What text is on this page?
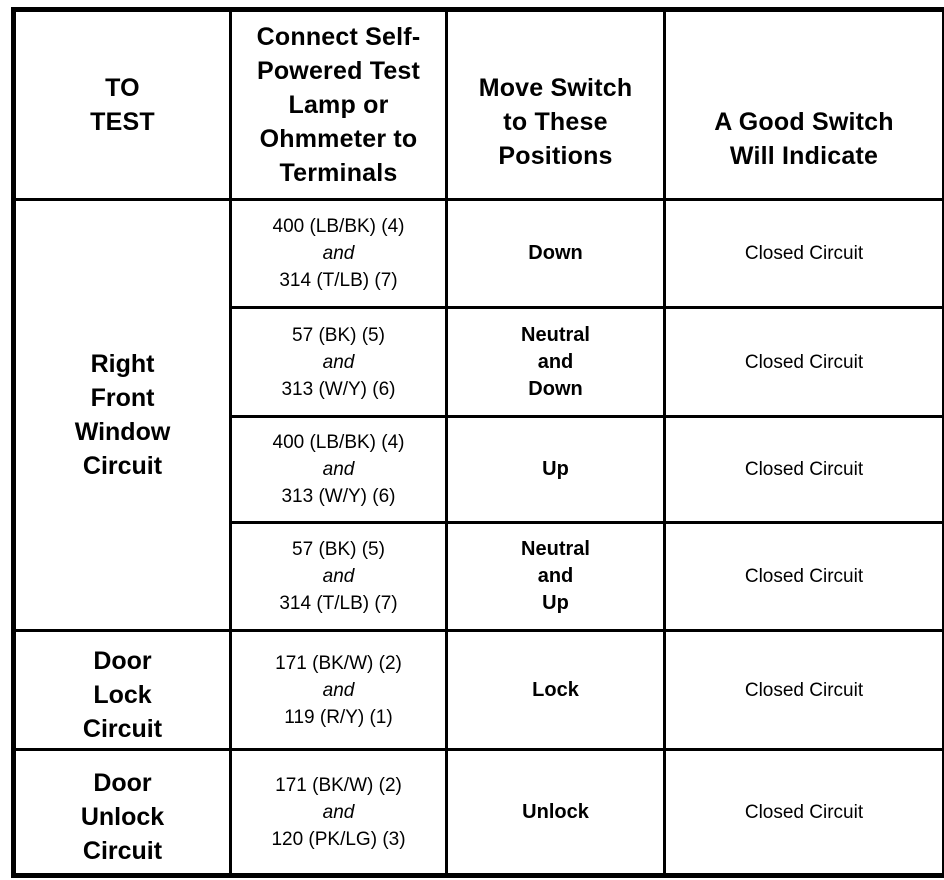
TO
TEST	Connect Self-
Powered Test
Lamp or
Ohmmeter to
Terminals	Move Switch
to These
Positions	A Good Switch
Will Indicate

Right
Front
Window
Circuit	400 (LB/BK) (4)
and
314 (T/LB) (7)	Down	Closed Circuit

	57 (BK) (5)
and
313 (W/Y) (6)	Neutral
and
Down	Closed Circuit

	400 (LB/BK) (4)
and
313 (W/Y) (6)	Up	Closed Circuit

	57 (BK) (5)
and
314 (T/LB) (7)	Neutral
and
Up	Closed Circuit

Door
Lock
Circuit	171 (BK/W) (2)
and
119 (R/Y) (1)	Lock	Closed Circuit

Door
Unlock
Circuit	171 (BK/W) (2)
and
120 (PK/LG) (3)	Unlock	Closed Circuit
